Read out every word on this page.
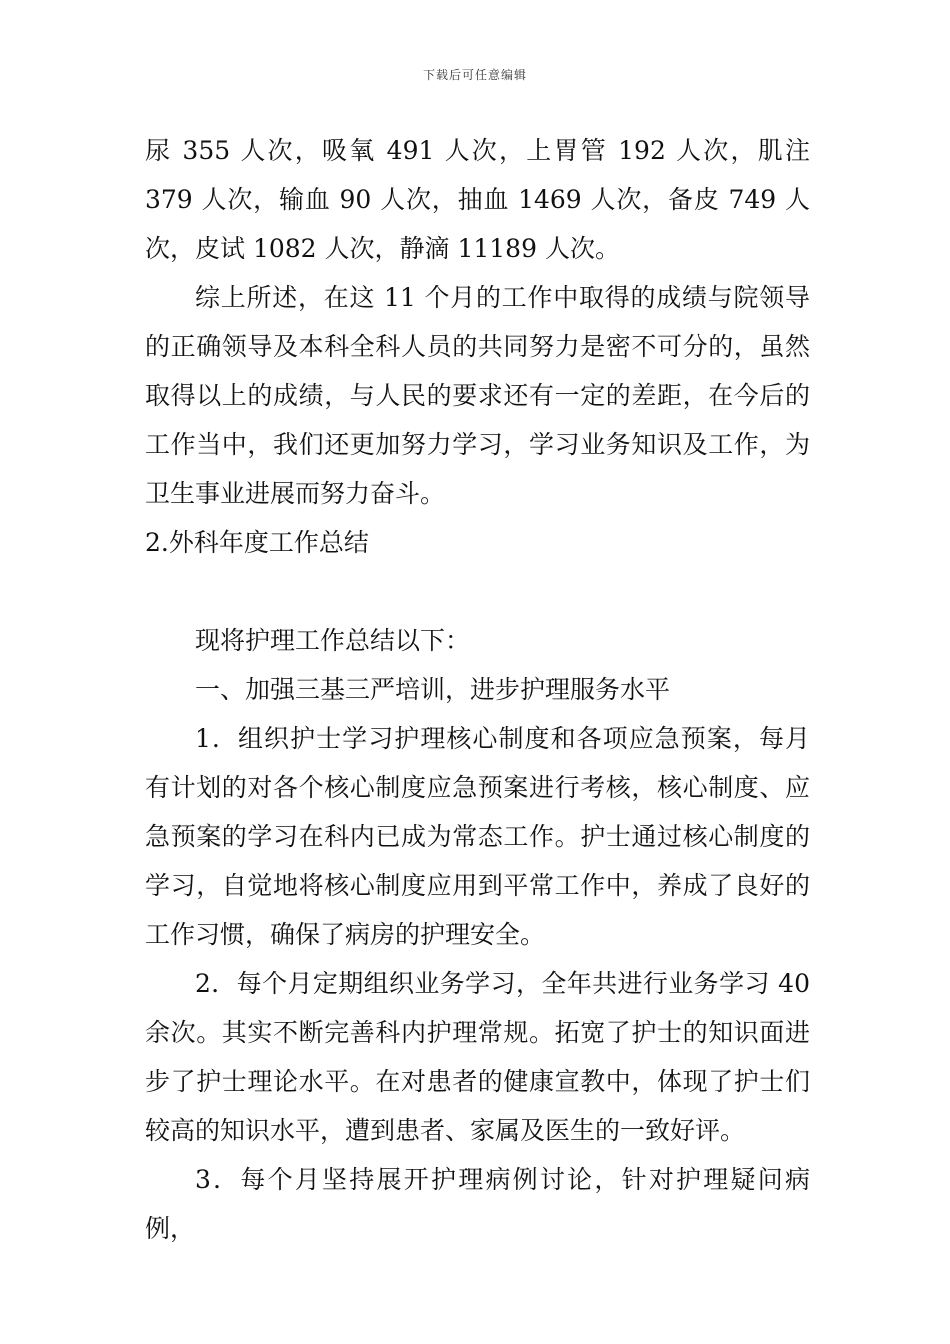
下载后可任意编辑

尿 355 人次，吸氧 491 人次，上胃管 192 人次，肌注 379 人次，输血 90 人次，抽血 1469 人次，备皮 749 人次，皮试 1082 人次，静滴 11189 人次。

综上所述，在这 11 个月的工作中取得的成绩与院领导的正确领导及本科全科人员的共同努力是密不可分的，虽然取得以上的成绩，与人民的要求还有一定的差距，在今后的工作当中，我们还更加努力学习，学习业务知识及工作，为卫生事业进展而努力奋斗。

2.外科年度工作总结

现将护理工作总结以下：

一、加强三基三严培训，进步护理服务水平

1．组织护士学习护理核心制度和各项应急预案，每月有计划的对各个核心制度应急预案进行考核，核心制度、应急预案的学习在科内已成为常态工作。护士通过核心制度的学习，自觉地将核心制度应用到平常工作中，养成了良好的工作习惯，确保了病房的护理安全。

2．每个月定期组织业务学习，全年共进行业务学习 40 余次。其实不断完善科内护理常规。拓宽了护士的知识面进步了护士理论水平。在对患者的健康宣教中，体现了护士们较高的知识水平，遭到患者、家属及医生的一致好评。

3．每个月坚持展开护理病例讨论，针对护理疑问病例，
